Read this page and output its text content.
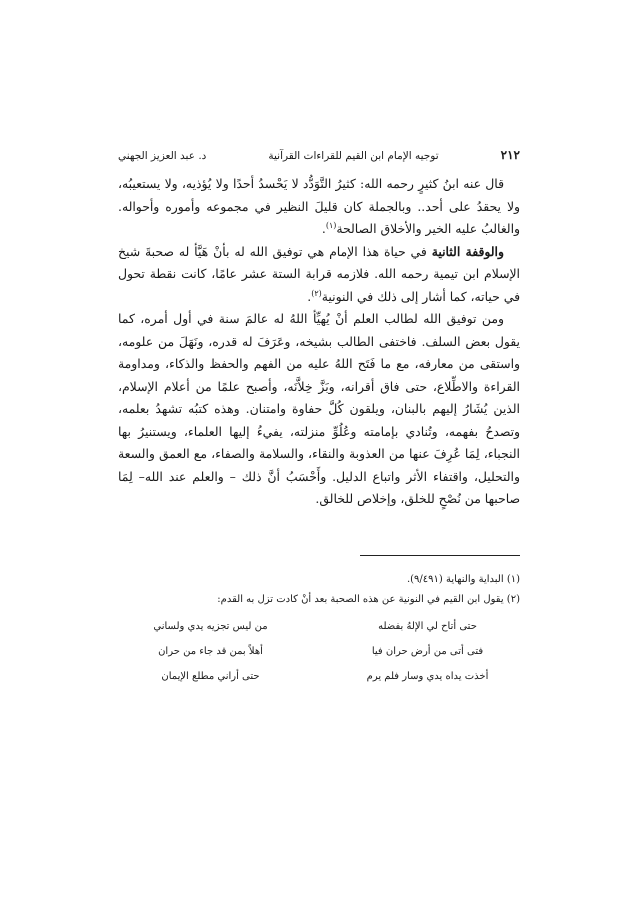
٢١٢
توجيه الإمام ابن القيم للقراءات القرآنية
د. عبد العزيز الجهني

قال عنه ابنُ كثيرٍ رحمه الله: كثيرُ التَّوَدُّد لا يَحْسدُ أحدًا ولا يُؤذيه، ولا يستعيبُه، ولا يحقدُ على أحد.. وبالجملة كان قليلَ النظير في مجموعه وأموره وأحواله. والغالبُ عليه الخير والأخلاق الصالحة$^{(١)}$.

والوقفة الثانية في حياة هذا الإمام هي توفيق الله له بأنْ هَيَّأ له صحبةَ شيخ الإسلام ابن تيمية رحمه الله. فلازمه قرابة الستة عشر عامًا، كانت نقطة تحول في حياته، كما أشار إلى ذلك في النونية$^{(٢)}$.

ومن توفيق الله لطالب العلم أنْ يُهيِّأ اللهُ له عالمَ سنة في أول أمره، كما يقول بعض السلف. فاختفى الطالب بشيخه، وعَرَفَ له قدره، ونَهَلَ من علومه، واستقى من معارفه، مع ما فَتَح اللهُ عليه من الفهم والحفظ والذكاء، ومداومة القراءة والاطِّلاع، حتى فاق أقرانه، وبَزَّ خِلاَّنَه، وأصبح علمًا من أعلام الإسلام، الذين يُشَارُ إليهم بالبنان، ويلقون كُلَّ حفاوة وامتنان. وهذه كتبُه تشهدُ بعلمه، وتصدحُ بفهمه، وتُنادي بإمامته وعُلُوِّ منزلته، يفيءُ إليها العلماء، ويستنيرُ بها النجباء، لِمَا عُرِفَ عنها من العذوبة والنقاء، والسلامة والصفاء، مع العمق والسعة والتحليل، واقتفاء الأثر واتباع الدليل. وأَحْسَبُ أنَّ ذلك – والعلم عند الله– لِمَا صاحبها من نُصْحٍ للخلق، وإخلاص للخالق.

(١) البداية والنهاية (٩/٤٩١).

(٢) يقول ابن القيم في النونية عن هذه الصحبة بعد أنْ كادت تزل به القدم:

حتى أتاح لي الإلهُ بفضله
من ليس تجزيه يدي ولساني
فتى أتى من أرض حران فيا
أهلاً بمن قد جاء من حران
أخذت يداه يدي وسار فلم يرم
حتى أراني مطلع الإيمان
